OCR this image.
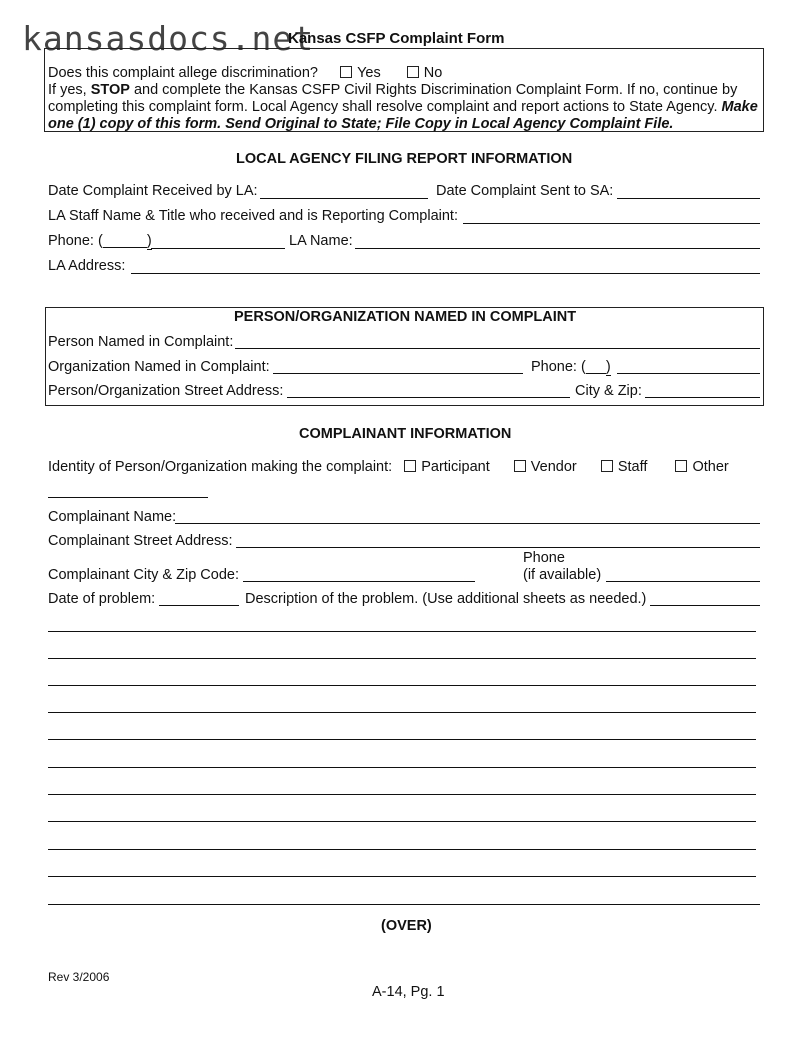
kansasdocs.net
Kansas CSFP Complaint Form
Does this complaint allege discrimination?	Yes	No
If yes, STOP and complete the Kansas CSFP Civil Rights Discrimination Complaint Form. If no, continue by
completing this complaint form. Local Agency shall resolve complaint and report actions to State Agency. Make
one (1) copy of this form. Send Original to State; File Copy in Local Agency Complaint File.
LOCAL AGENCY FILING REPORT INFORMATION
Date Complaint Received by LA:	Date Complaint Sent to SA:
LA Staff Name & Title who received and is Reporting Complaint:
Phone: (	)	LA Name:
LA Address:
PERSON/ORGANIZATION NAMED IN COMPLAINT
Person Named in Complaint:
Organization Named in Complaint:	Phone: ( )
Person/Organization Street Address:	City & Zip:
COMPLAINANT INFORMATION
Identity of Person/Organization making the complaint: Participant	Vendor	Staff	Other
Complainant Name:
Complainant Street Address:
Phone
Complainant City & Zip Code:	(if available)
Date of problem:	Description of the problem. (Use additional sheets as needed.)
(OVER)
Rev 3/2006
A-14, Pg. 1
